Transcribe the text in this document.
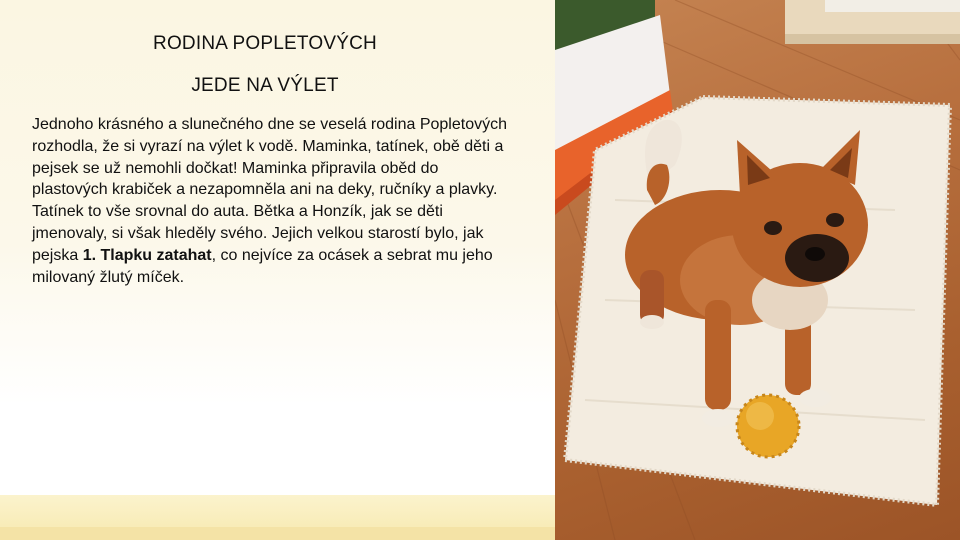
RODINA POPLETOVÝCH
JEDE NA VÝLET

Jednoho krásného a slunečného dne se veselá rodina Popletových rozhodla, že si vyrazí na výlet k vodě. Maminka, tatínek, obě děti a pejsek se už nemohli dočkat! Maminka připravila oběd do plastových krabiček a nezapomněla ani na deky, ručníky a plavky. Tatínek to vše srovnal do auta. Bětka a Honzík, jak se děti jmenovaly, si však hleděly svého. Jejich velkou starostí bylo, jak pejska 1. Tlapku zatahat, co nejvíce za ocásek a sebrat mu jeho milovaný žlutý míček.
